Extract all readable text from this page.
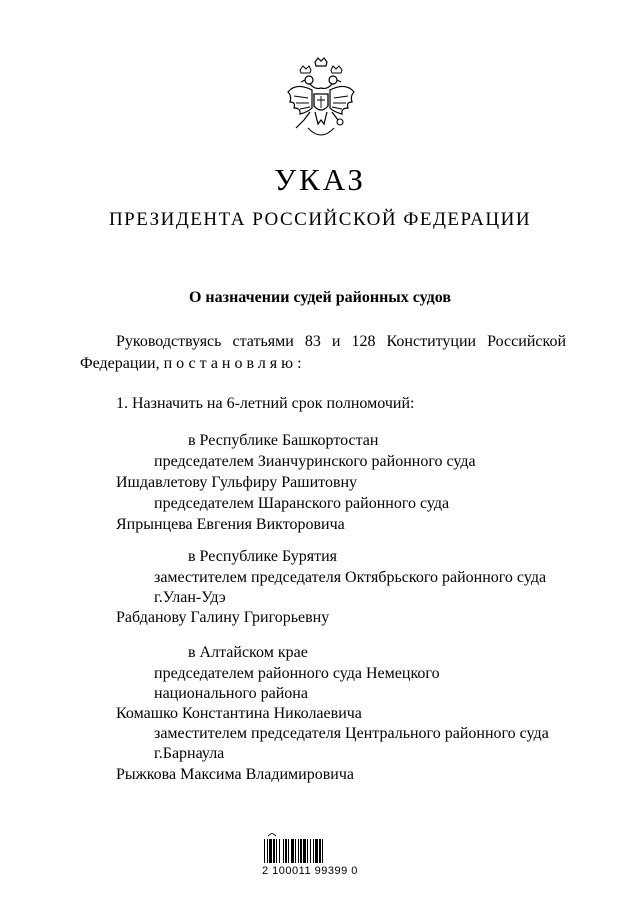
УКАЗ
ПРЕЗИДЕНТА РОССИЙСКОЙ ФЕДЕРАЦИИ
О назначении судей районных судов
Руководствуясь статьями 83 и 128 Конституции Российской
Федерации, постановляю:
1. Назначить на 6-летний срок полномочий:
в Республике Башкортостан
председателем Зианчуринского районного суда
Ишдавлетову Гульфиру Рашитовну
председателем Шаранского районного суда
Япрынцева Евгения Викторовича
в Республике Бурятия
заместителем председателя Октябрьского районного суда
г.Улан-Удэ
Рабданову Галину Григорьевну
в Алтайском крае
председателем районного суда Немецкого
национального района
Комашко Константина Николаевича
заместителем председателя Центрального районного суда
г.Барнаула
Рыжкова Максима Владимировича
2 100011 99399 0
